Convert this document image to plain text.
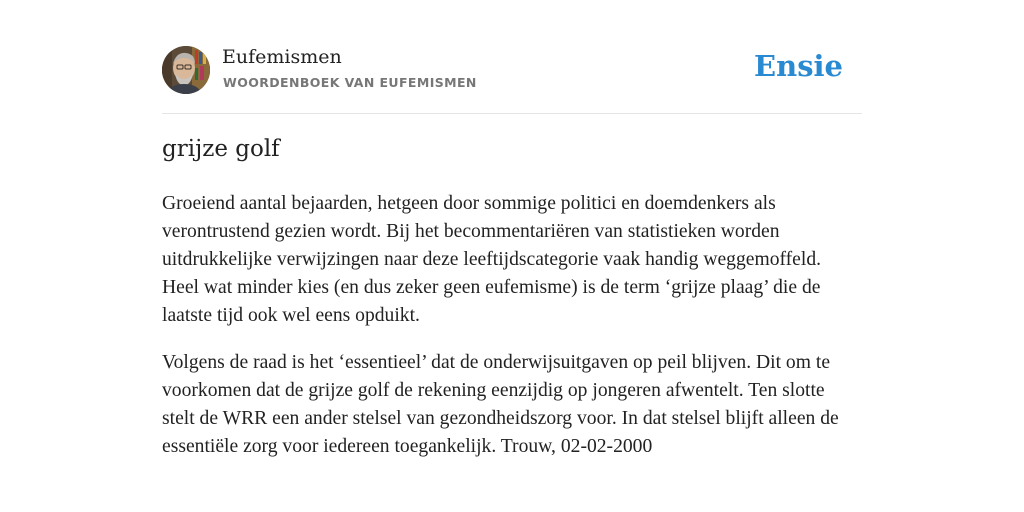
Eufemismen
WOORDENBOEK VAN EUFEMISMEN	Ensie
grijze golf

Groeiend aantal bejaarden, hetgeen door sommige politici en doemdenkers als verontrustend gezien wordt. Bij het becommentariëren van statistieken worden uitdrukkelijke verwijzingen naar deze leeftijdscategorie vaak handig weggemoffeld. Heel wat minder kies (en dus zeker geen eufemisme) is de term ‘grijze plaag’ die de laatste tijd ook wel eens opduikt.

Volgens de raad is het ‘essentieel’ dat de onderwijsuitgaven op peil blijven. Dit om te voorkomen dat de grijze golf de rekening eenzijdig op jongeren afwentelt. Ten slotte stelt de WRR een ander stelsel van gezondheidszorg voor. In dat stelsel blijft alleen de essentiële zorg voor iedereen toegankelijk. Trouw, 02-02-2000
